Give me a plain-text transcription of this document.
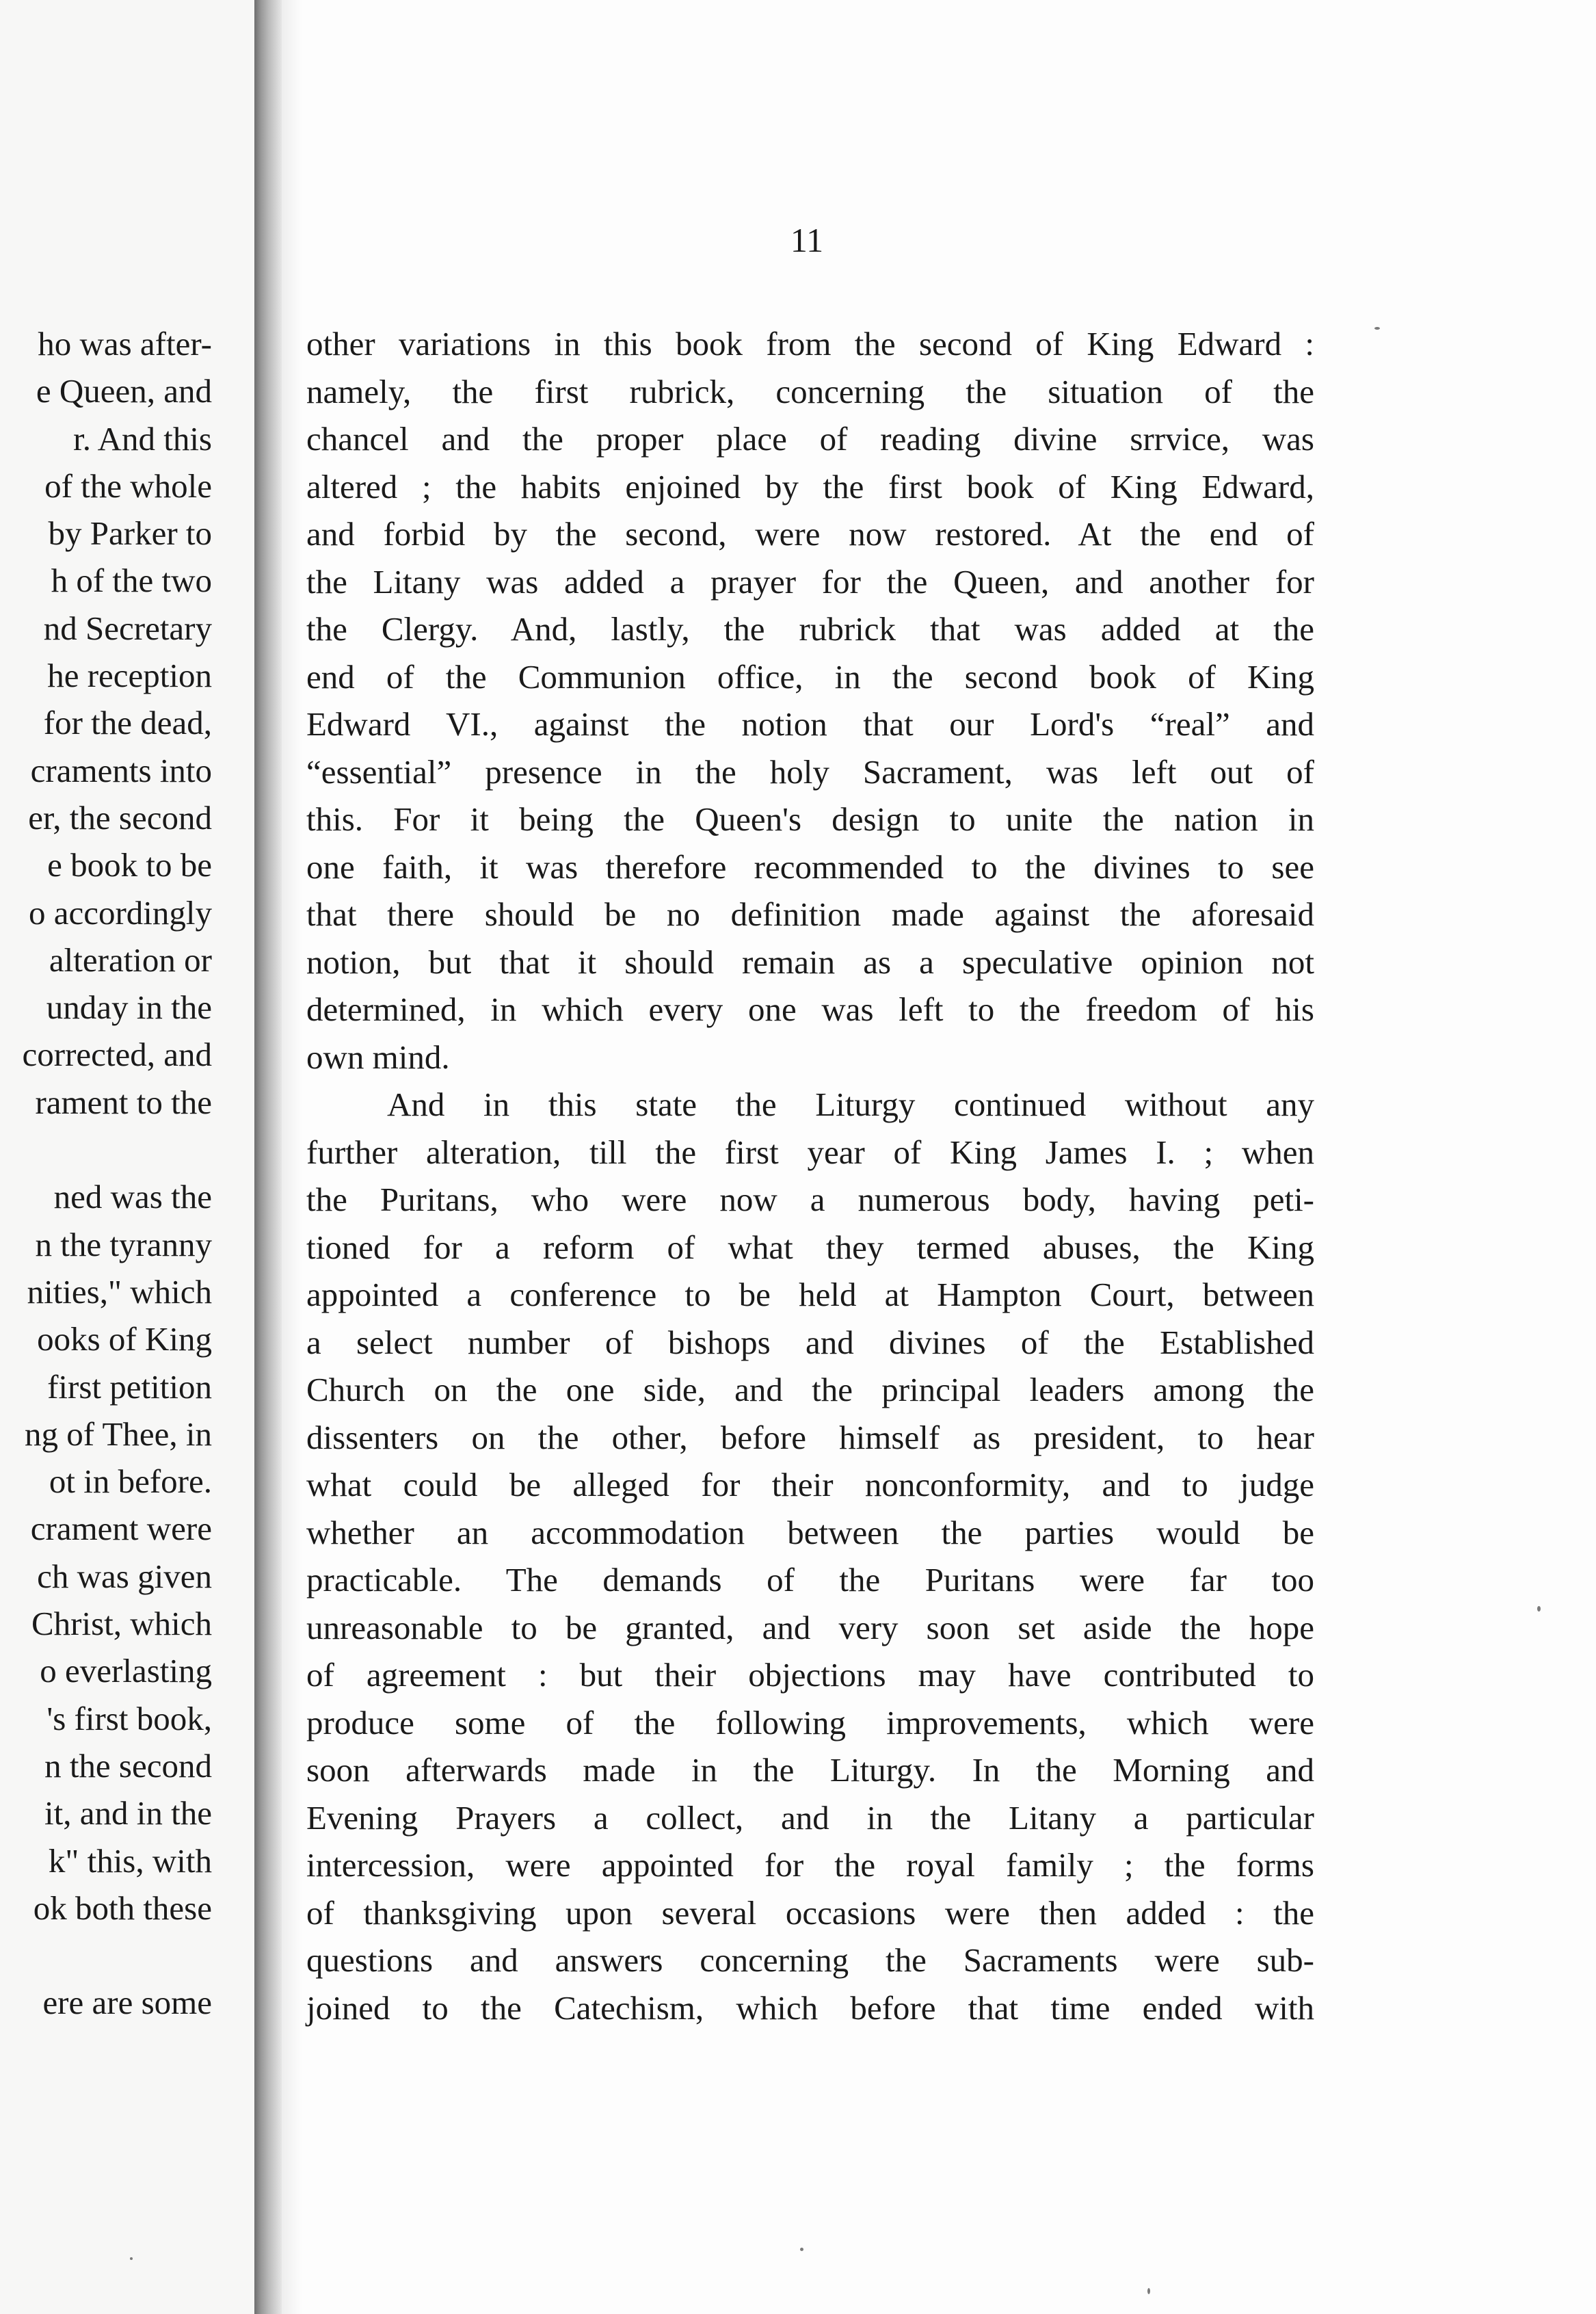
ho was after-
e Queen, and
r. And this
of the whole
by Parker to
h of the two
nd Secretary
he reception
for the dead,
craments into
er, the second
e book to be
o accordingly
alteration or
unday in the
corrected, and
rament to the
ned was the
n the tyranny
nities," which
ooks of King
first petition
ng of Thee, in
ot in before.
crament were
ch was given
Christ, which
o everlasting
's first book,
n the second
it, and in the
k" this, with
ok both these
ere are some
11
other variations in this book from the second of King Edward :
namely, the first rubrick, concerning the situation of the
chancel and the proper place of reading divine srrvice, was
altered ; the habits enjoined by the first book of King Edward,
and forbid by the second, were now restored. At the end of
the Litany was added a prayer for the Queen, and another for
the Clergy. And, lastly, the rubrick that was added at the
end of the Communion office, in the second book of King
Edward VI., against the notion that our Lord's “real” and
“essential” presence in the holy Sacrament, was left out of
this. For it being the Queen's design to unite the nation in
one faith, it was therefore recommended to the divines to see
that there should be no definition made against the aforesaid
notion, but that it should remain as a speculative opinion not
determined, in which every one was left to the freedom of his
own mind.
And in this state the Liturgy continued without any
further alteration, till the first year of King James I. ; when
the Puritans, who were now a numerous body, having peti-
tioned for a reform of what they termed abuses, the King
appointed a conference to be held at Hampton Court, between
a select number of bishops and divines of the Established
Church on the one side, and the principal leaders among the
dissenters on the other, before himself as president, to hear
what could be alleged for their nonconformity, and to judge
whether an accommodation between the parties would be
practicable. The demands of the Puritans were far too
unreasonable to be granted, and very soon set aside the hope
of agreement : but their objections may have contributed to
produce some of the following improvements, which were
soon afterwards made in the Liturgy. In the Morning and
Evening Prayers a collect, and in the Litany a particular
intercession, were appointed for the royal family ; the forms
of thanksgiving upon several occasions were then added : the
questions and answers concerning the Sacraments were sub-
joined to the Catechism, which before that time ended with
